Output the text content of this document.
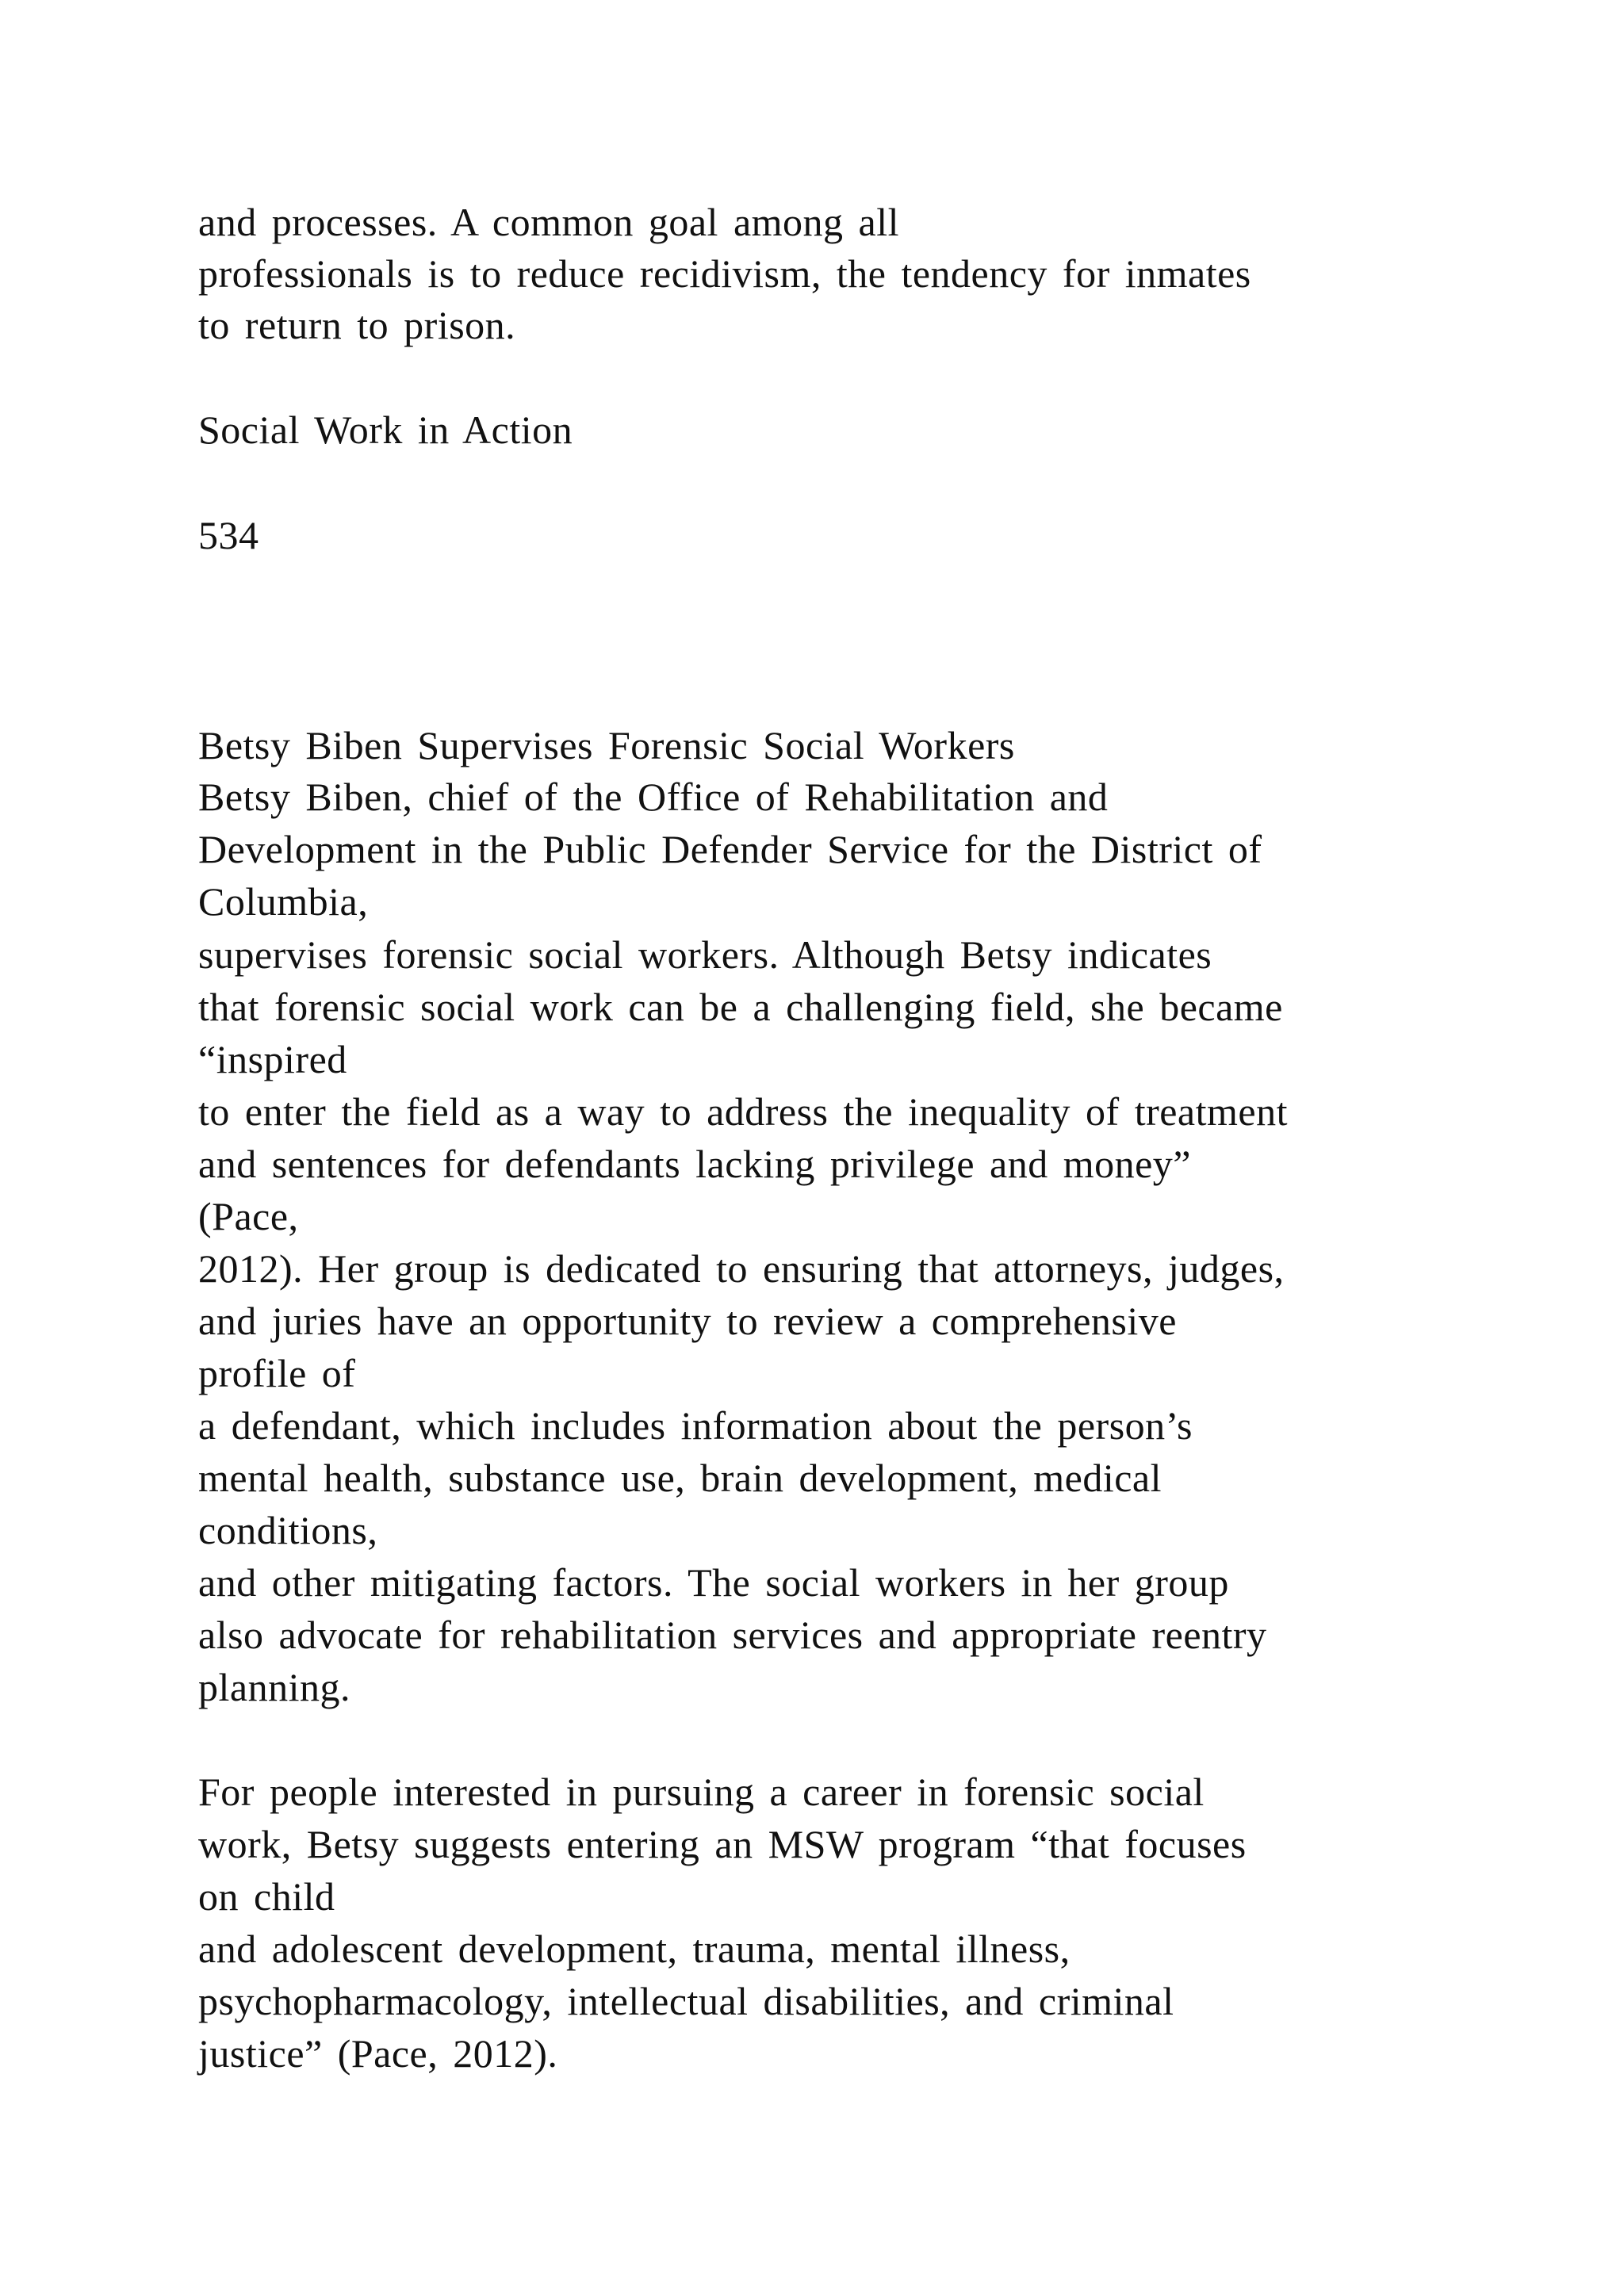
and processes. A common goal among all
professionals is to reduce recidivism, the tendency for inmates
to return to prison.
Social Work in Action
534
Betsy Biben Supervises Forensic Social Workers
Betsy Biben, chief of the Office of Rehabilitation and
Development in the Public Defender Service for the District of
Columbia,
supervises forensic social workers. Although Betsy indicates
that forensic social work can be a challenging field, she became
“inspired
to enter the field as a way to address the inequality of treatment
and sentences for defendants lacking privilege and money”
(Pace,
2012). Her group is dedicated to ensuring that attorneys, judges,
and juries have an opportunity to review a comprehensive
profile of
a defendant, which includes information about the person’s
mental health, substance use, brain development, medical
conditions,
and other mitigating factors. The social workers in her group
also advocate for rehabilitation services and appropriate reentry
planning.
For people interested in pursuing a career in forensic social
work, Betsy suggests entering an MSW program “that focuses
on child
and adolescent development, trauma, mental illness,
psychopharmacology, intellectual disabilities, and criminal
justice” (Pace, 2012).
